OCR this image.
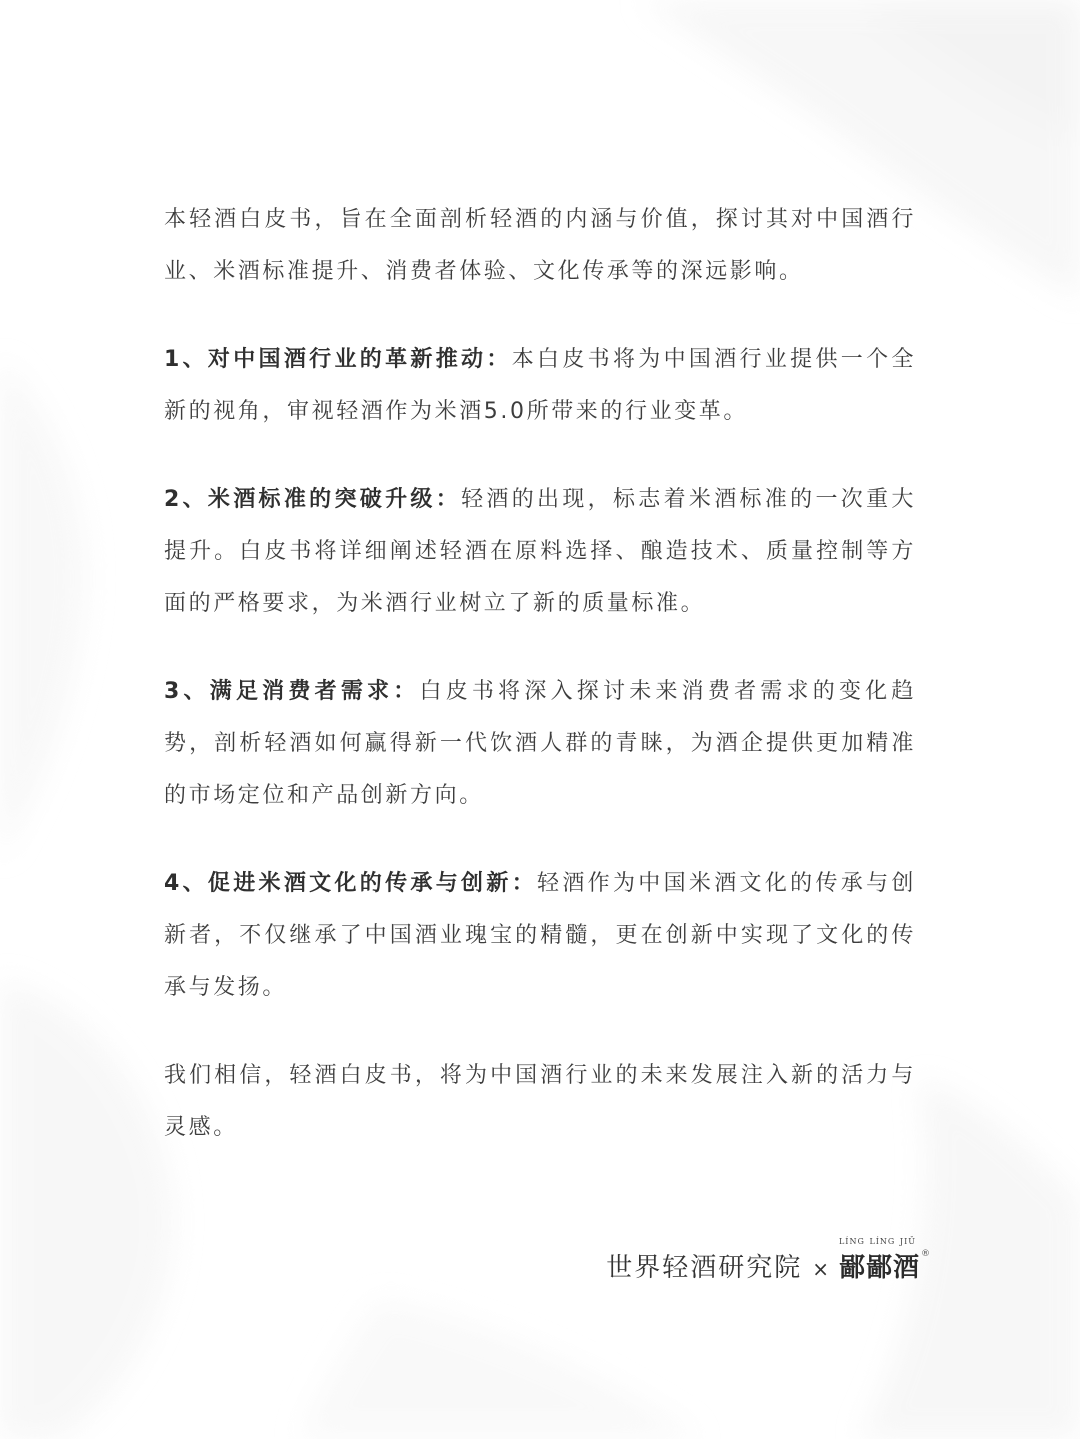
本轻酒白皮书，旨在全面剖析轻酒的内涵与价值，探讨其对中国酒行业、米酒标准提升、消费者体验、文化传承等的深远影响。

1、对中国酒行业的革新推动：本白皮书将为中国酒行业提供一个全新的视角，审视轻酒作为米酒5.0所带来的行业变革。

2、米酒标准的突破升级：轻酒的出现，标志着米酒标准的一次重大提升。白皮书将详细阐述轻酒在原料选择、酿造技术、质量控制等方面的严格要求，为米酒行业树立了新的质量标准。

3、满足消费者需求：白皮书将深入探讨未来消费者需求的变化趋势，剖析轻酒如何赢得新一代饮酒人群的青睐，为酒企提供更加精准的市场定位和产品创新方向。

4、促进米酒文化的传承与创新：轻酒作为中国米酒文化的传承与创新者，不仅继承了中国酒业瑰宝的精髓，更在创新中实现了文化的传承与发扬。

我们相信，轻酒白皮书，将为中国酒行业的未来发展注入新的活力与灵感。

世界轻酒研究院 ×
LÍNG LÍNG JIǓ
鄙鄙酒 ®
